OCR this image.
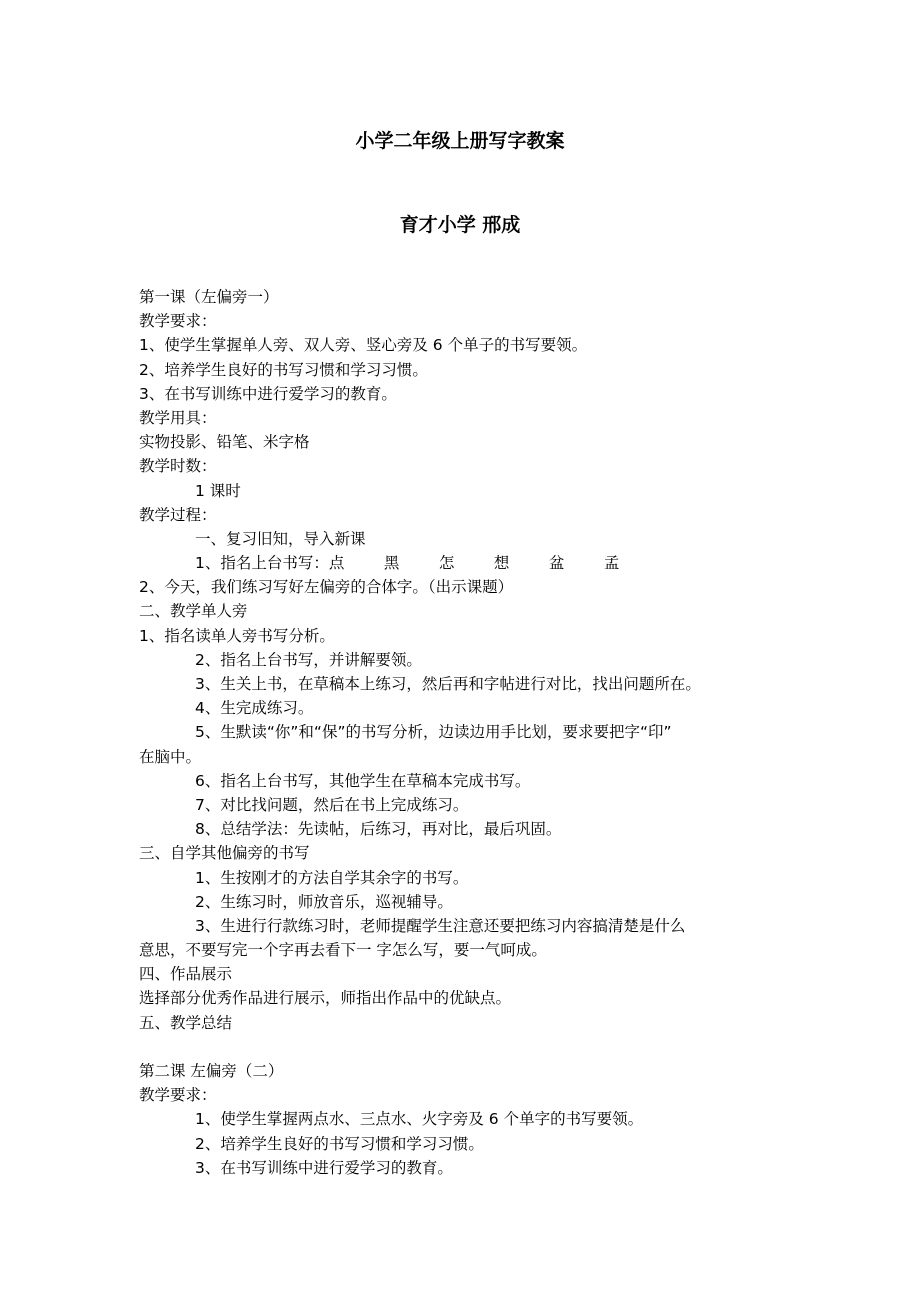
小学二年级上册写字教案
育才小学 邢成
第一课（左偏旁一）
教学要求：
1、使学生掌握单人旁、双人旁、竖心旁及 6 个单子的书写要领。
2、培养学生良好的书写习惯和学习习惯。
3、在书写训练中进行爱学习的教育。
教学用具：
实物投影、铅笔、米字格
教学时数：
1 课时
教学过程：
一、复习旧知，导入新课
1、指名上台书写：点	黑	怎	想	盆	孟
2、今天，我们练习写好左偏旁的合体字。（出示课题）
二、教学单人旁
1、指名读单人旁书写分析。
2、指名上台书写，并讲解要领。
3、生关上书，在草稿本上练习，然后再和字帖进行对比，找出问题所在。
4、生完成练习。
5、生默读“你”和“保”的书写分析，边读边用手比划，要求要把字“印”
在脑中。
6、指名上台书写，其他学生在草稿本完成书写。
7、对比找问题，然后在书上完成练习。
8、总结学法：先读帖，后练习，再对比，最后巩固。
三、自学其他偏旁的书写
1、生按刚才的方法自学其余字的书写。
2、生练习时，师放音乐，巡视辅导。
3、生进行行款练习时，老师提醒学生注意还要把练习内容搞清楚是什么
意思，不要写完一个字再去看下一 字怎么写，要一气呵成。
四、作品展示
选择部分优秀作品进行展示，师指出作品中的优缺点。
五、教学总结
第二课 左偏旁（二）
教学要求：
1、使学生掌握两点水、三点水、火字旁及 6 个单字的书写要领。
2、培养学生良好的书写习惯和学习习惯。
3、在书写训练中进行爱学习的教育。
